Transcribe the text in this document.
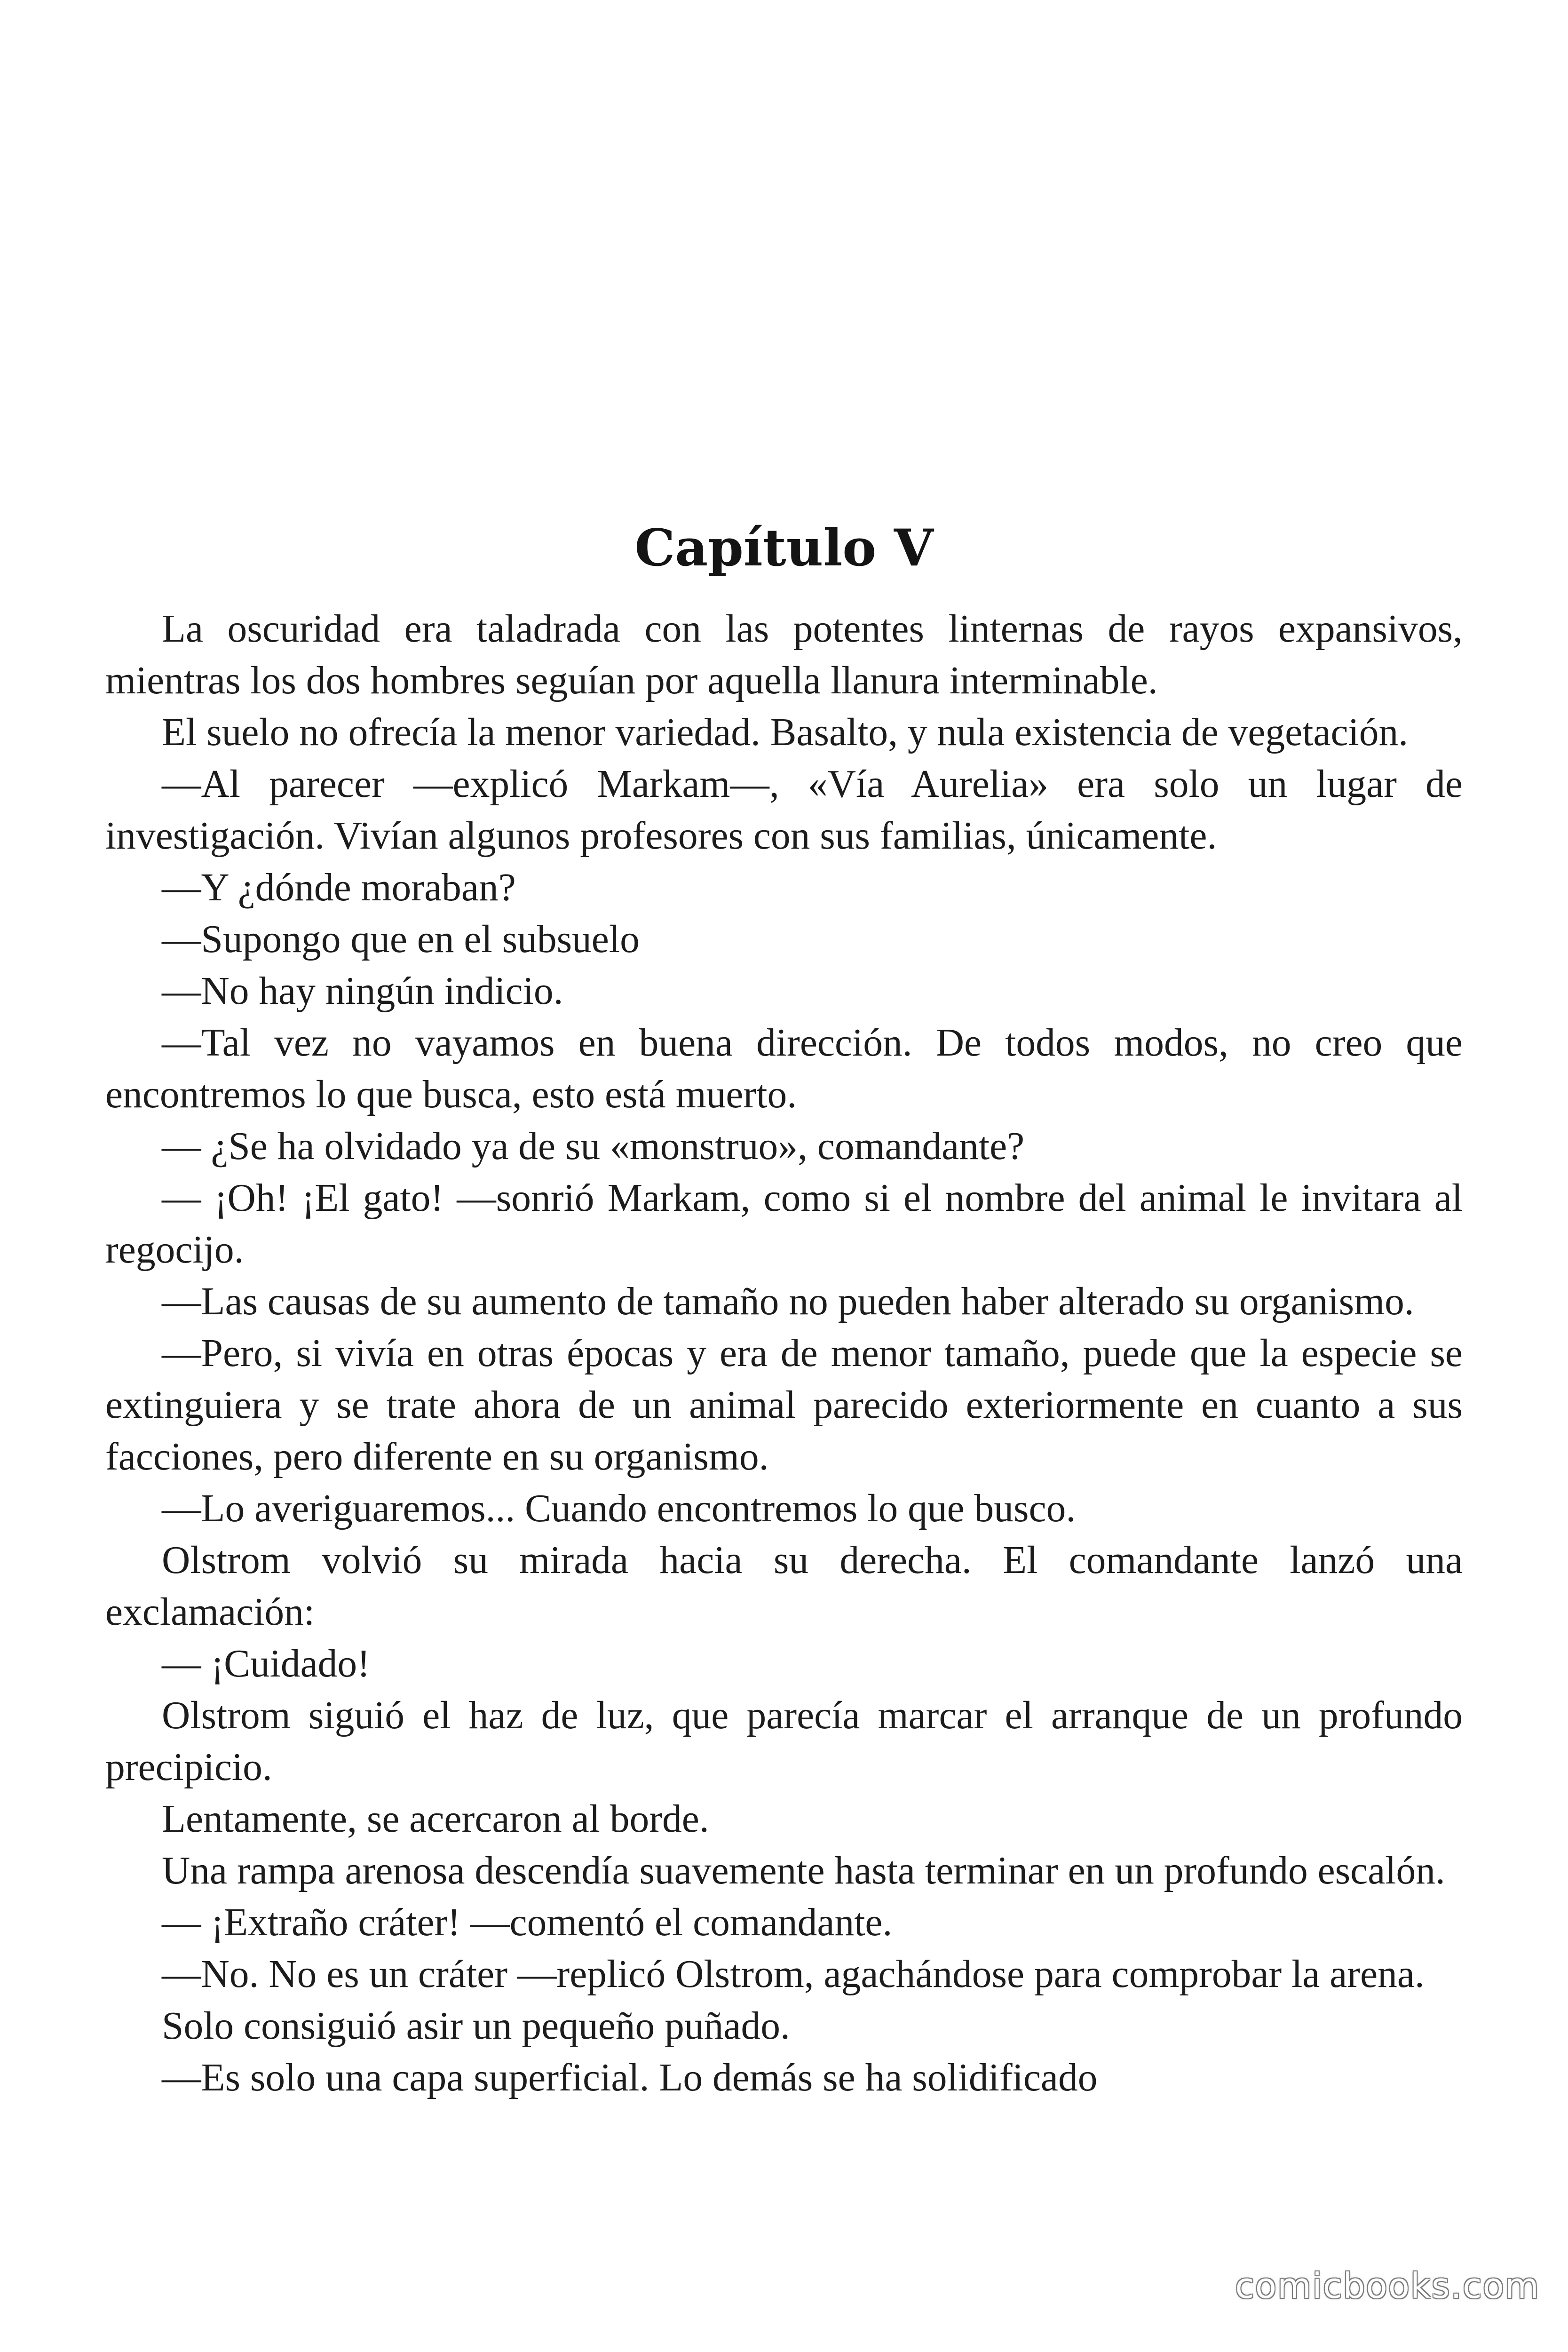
Capítulo V

La oscuridad era taladrada con las potentes linternas de rayos expansivos, mientras los dos hombres seguían por aquella llanura interminable.

El suelo no ofrecía la menor variedad. Basalto, y nula existencia de vegetación.

—Al parecer —explicó Markam—, «Vía Aurelia» era solo un lugar de investigación. Vivían algunos profesores con sus familias, únicamente.

—Y ¿dónde moraban?

—Supongo que en el subsuelo

—No hay ningún indicio.

—Tal vez no vayamos en buena dirección. De todos modos, no creo que encontremos lo que busca, esto está muerto.

— ¿Se ha olvidado ya de su «monstruo», comandante?

— ¡Oh! ¡El gato! —sonrió Markam, como si el nombre del animal le invitara al regocijo.

—Las causas de su aumento de tamaño no pueden haber alterado su organismo.

—Pero, si vivía en otras épocas y era de menor tamaño, puede que la especie se extinguiera y se trate ahora de un animal parecido exteriormente en cuanto a sus facciones, pero diferente en su organismo.

—Lo averiguaremos... Cuando encontremos lo que busco.

Olstrom volvió su mirada hacia su derecha. El comandante lanzó una exclamación:

— ¡Cuidado!

Olstrom siguió el haz de luz, que parecía marcar el arranque de un profundo precipicio.

Lentamente, se acercaron al borde.

Una rampa arenosa descendía suavemente hasta terminar en un profundo escalón.

— ¡Extraño cráter! —comentó el comandante.

—No. No es un cráter —replicó Olstrom, agachándose para comprobar la arena.

Solo consiguió asir un pequeño puñado.

—Es solo una capa superficial. Lo demás se ha solidificado

comicbooks.com
